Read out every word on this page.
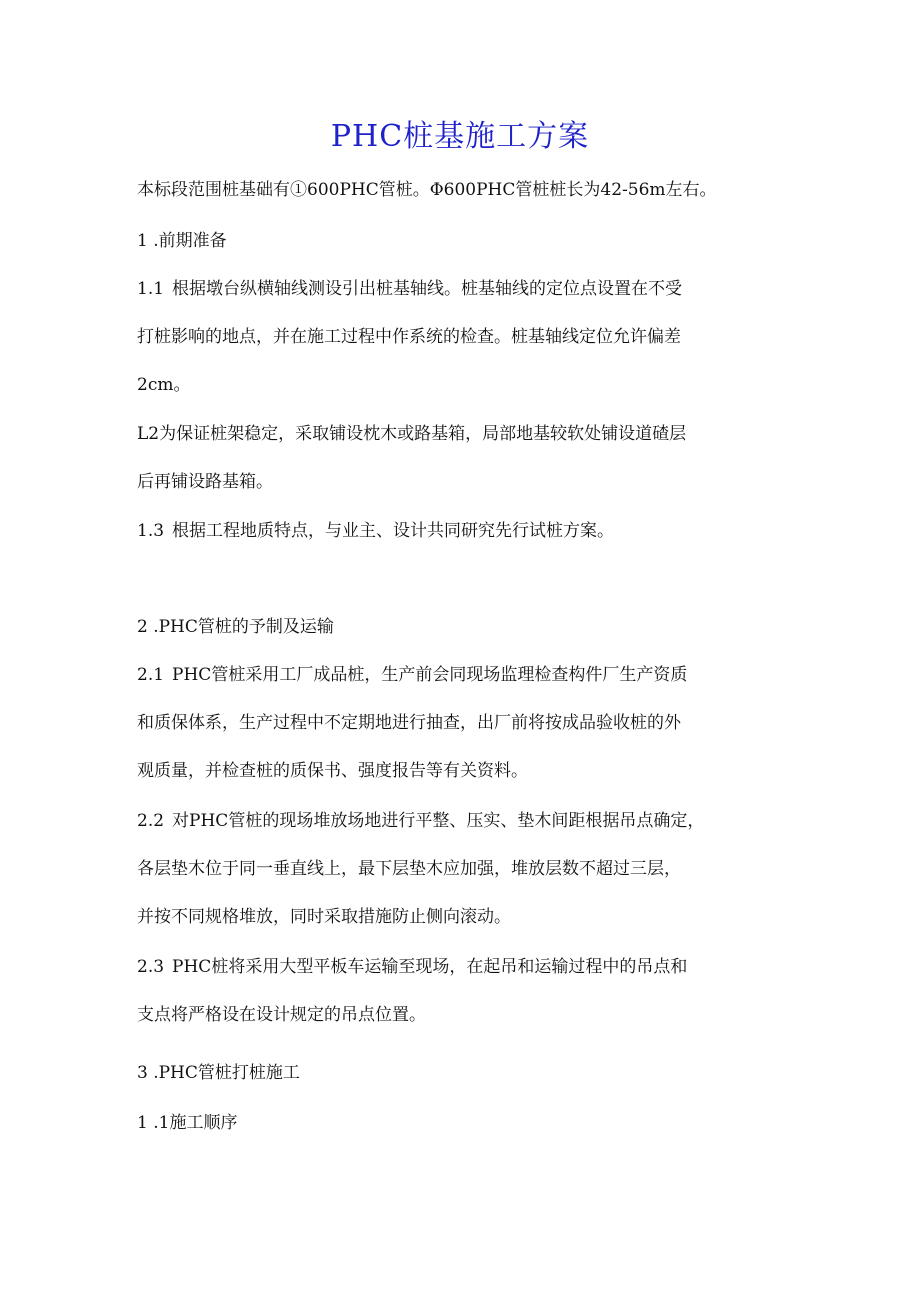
PHC桩基施工方案
本标段范围桩基础有①600PHC管桩。Φ600PHC管桩桩长为42-56m左右。
1 .前期准备
1.1 根据墩台纵横轴线测设引出桩基轴线。桩基轴线的定位点设置在不受
打桩影响的地点，并在施工过程中作系统的检查。桩基轴线定位允许偏差
2cm。
L2为保证桩架稳定，采取铺设枕木或路基箱，局部地基较软处铺设道碴层
后再铺设路基箱。
1.3 根据工程地质特点，与业主、设计共同研究先行试桩方案。
2 .PHC管桩的予制及运输
2.1 PHC管桩采用工厂成品桩，生产前会同现场监理检查构件厂生产资质
和质保体系，生产过程中不定期地进行抽查，出厂前将按成品验收桩的外
观质量，并检查桩的质保书、强度报告等有关资料。
2.2 对PHC管桩的现场堆放场地进行平整、压实、垫木间距根据吊点确定，
各层垫木位于同一垂直线上，最下层垫木应加强，堆放层数不超过三层，
并按不同规格堆放，同时采取措施防止侧向滚动。
2.3 PHC桩将采用大型平板车运输至现场，在起吊和运输过程中的吊点和
支点将严格设在设计规定的吊点位置。
3 .PHC管桩打桩施工
1 .1施工顺序
